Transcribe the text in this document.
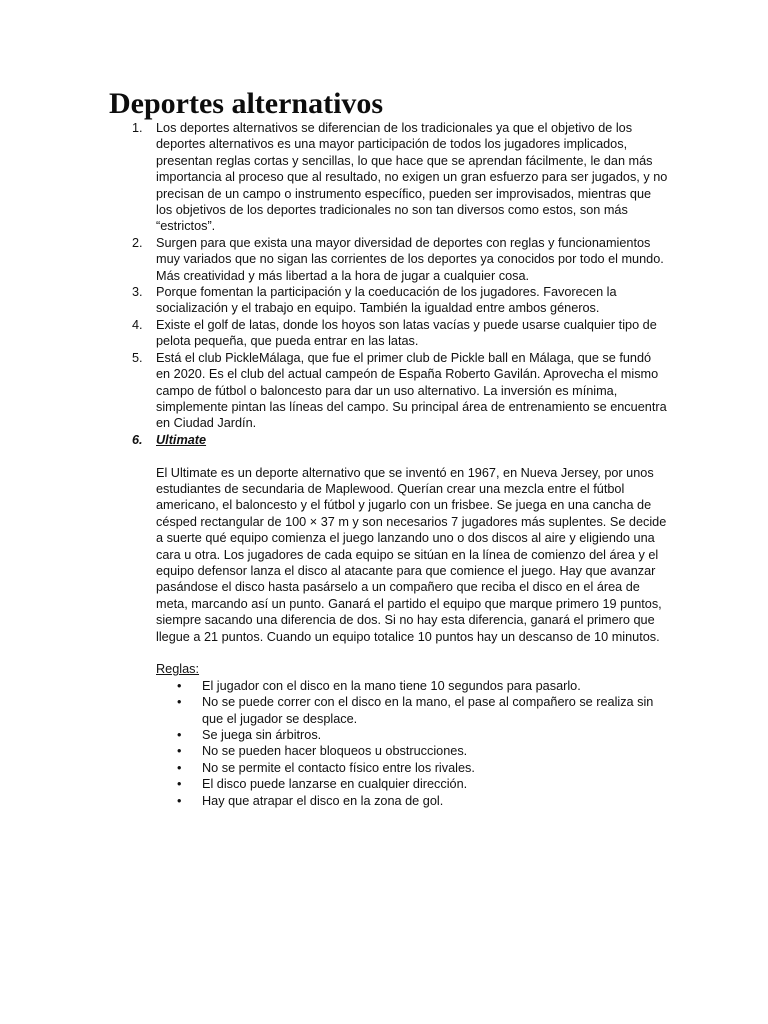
Deportes alternativos
1. Los deportes alternativos se diferencian de los tradicionales ya que el objetivo de los deportes alternativos es una mayor participación de todos los jugadores implicados, presentan reglas cortas y sencillas, lo que hace que se aprendan fácilmente, le dan más importancia al proceso que al resultado, no exigen un gran esfuerzo para ser jugados, y no precisan de un campo o instrumento específico, pueden ser improvisados, mientras que los objetivos de los deportes tradicionales no son tan diversos como estos, son más “estrictos”.
2. Surgen para que exista una mayor diversidad de deportes con reglas y funcionamientos muy variados que no sigan las corrientes de los deportes ya conocidos por todo el mundo. Más creatividad y más libertad a la hora de jugar a cualquier cosa.
3. Porque fomentan la participación y la coeducación de los jugadores. Favorecen la socialización y el trabajo en equipo. También la igualdad entre ambos géneros.
4. Existe el golf de latas, donde los hoyos son latas vacías y puede usarse cualquier tipo de pelota pequeña, que pueda entrar en las latas.
5. Está el club PickleMálaga, que fue el primer club de Pickle ball en Málaga, que se fundó en 2020. Es el club del actual campeón de España Roberto Gavilán. Aprovecha el mismo campo de fútbol o baloncesto para dar un uso alternativo. La inversión es mínima, simplemente pintan las líneas del campo. Su principal área de entrenamiento se encuentra en Ciudad Jardín.
6. Ultimate
El Ultimate es un deporte alternativo que se inventó en 1967, en Nueva Jersey, por unos estudiantes de secundaria de Maplewood. Querían crear una mezcla entre el fútbol americano, el baloncesto y el fútbol y jugarlo con un frisbee. Se juega en una cancha de césped rectangular de 100 × 37 m y son necesarios 7 jugadores más suplentes. Se decide a suerte qué equipo comienza el juego lanzando uno o dos discos al aire y eligiendo una cara u otra. Los jugadores de cada equipo se sitúan en la línea de comienzo del área y el equipo defensor lanza el disco al atacante para que comience el juego. Hay que avanzar pasándose el disco hasta pasárselo a un compañero que reciba el disco en el área de meta, marcando así un punto. Ganará el partido el equipo que marque primero 19 puntos, siempre sacando una diferencia de dos. Si no hay esta diferencia, ganará el primero que llegue a 21 puntos. Cuando un equipo totalice 10 puntos hay un descanso de 10 minutos.
Reglas:
• El jugador con el disco en la mano tiene 10 segundos para pasarlo.
• No se puede correr con el disco en la mano, el pase al compañero se realiza sin que el jugador se desplace.
• Se juega sin árbitros.
• No se pueden hacer bloqueos u obstrucciones.
• No se permite el contacto físico entre los rivales.
• El disco puede lanzarse en cualquier dirección.
• Hay que atrapar el disco en la zona de gol.
